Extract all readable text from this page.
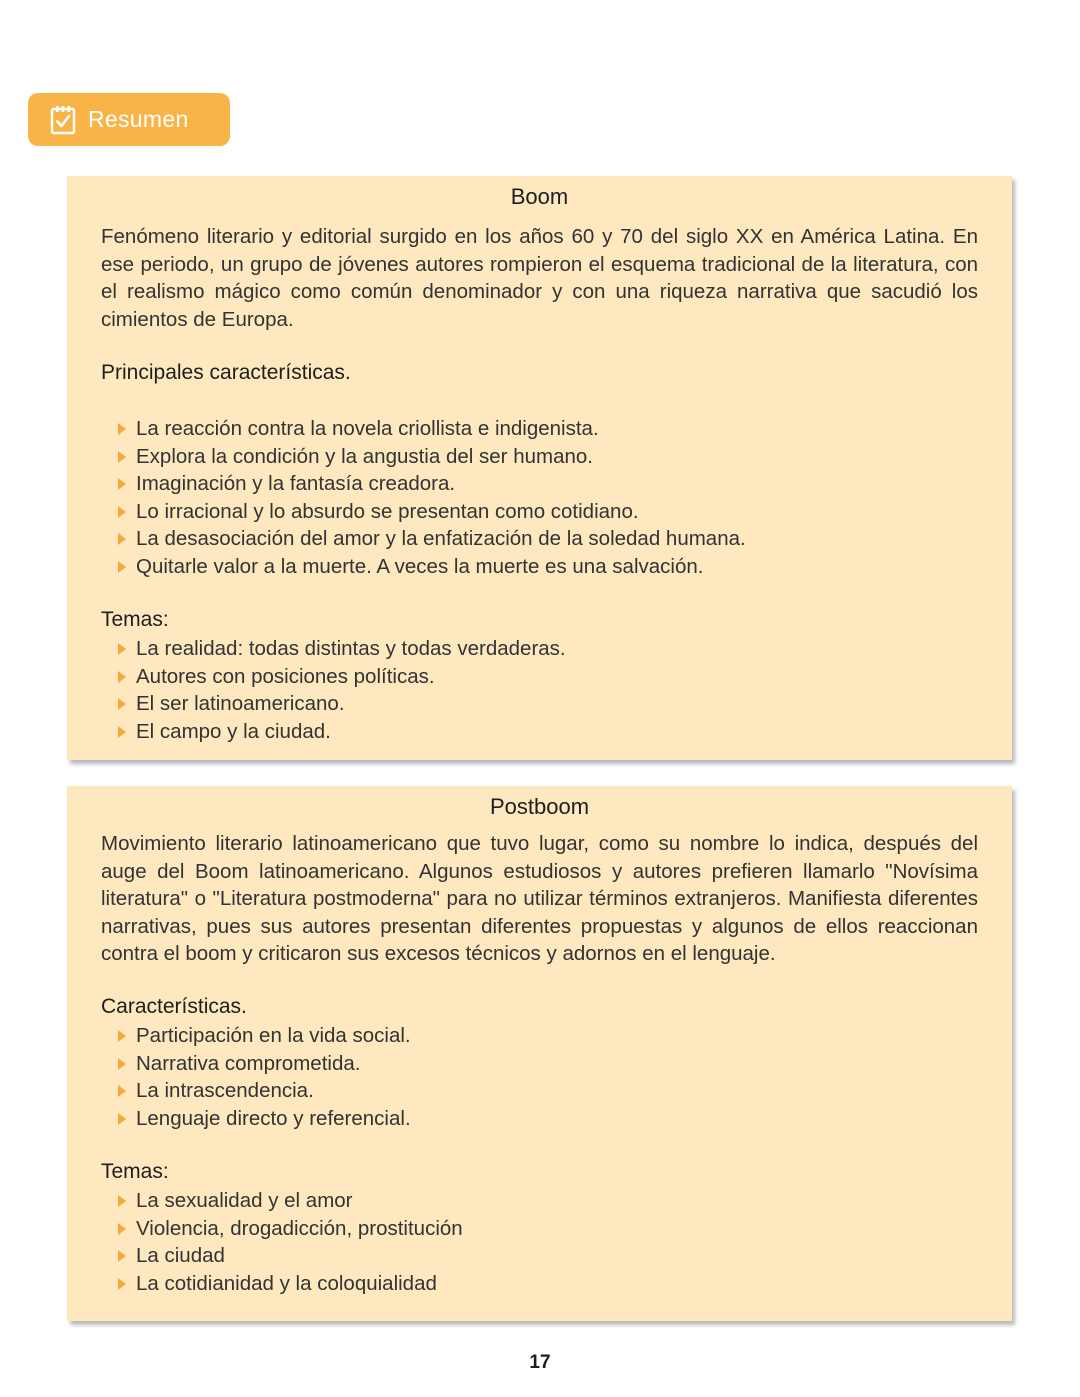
Resumen
Boom
Fenómeno literario y editorial surgido en los años 60 y 70 del siglo XX en América Latina. En ese periodo, un grupo de jóvenes autores rompieron el esquema tradicional de la literatura, con el realismo mágico como común denominador y con una riqueza narrativa que sacudió los cimientos de Europa.
Principales características.
La reacción contra la novela criollista e indigenista.
Explora la condición y la angustia del ser humano.
Imaginación y la fantasía creadora.
Lo irracional y lo absurdo se presentan como cotidiano.
La desasociación del amor y la enfatización de la soledad humana.
Quitarle valor a la muerte. A veces la muerte es una salvación.
Temas:
La realidad: todas distintas y todas verdaderas.
Autores con posiciones políticas.
El ser latinoamericano.
El campo y la ciudad.
Postboom
Movimiento literario latinoamericano que tuvo lugar, como su nombre lo indica, después del auge del Boom latinoamericano. Algunos estudiosos y autores prefieren llamarlo "Novísima literatura" o "Literatura postmoderna" para no utilizar términos extranjeros. Manifiesta diferentes narrativas, pues sus autores presentan diferentes propuestas y algunos de ellos reaccionan contra el boom y criticaron sus excesos técnicos y adornos en el lenguaje.
Características.
Participación en la vida social.
Narrativa comprometida.
La intrascendencia.
Lenguaje directo y referencial.
Temas:
La sexualidad y el amor
Violencia, drogadicción, prostitución
La ciudad
La cotidianidad y la coloquialidad
17
